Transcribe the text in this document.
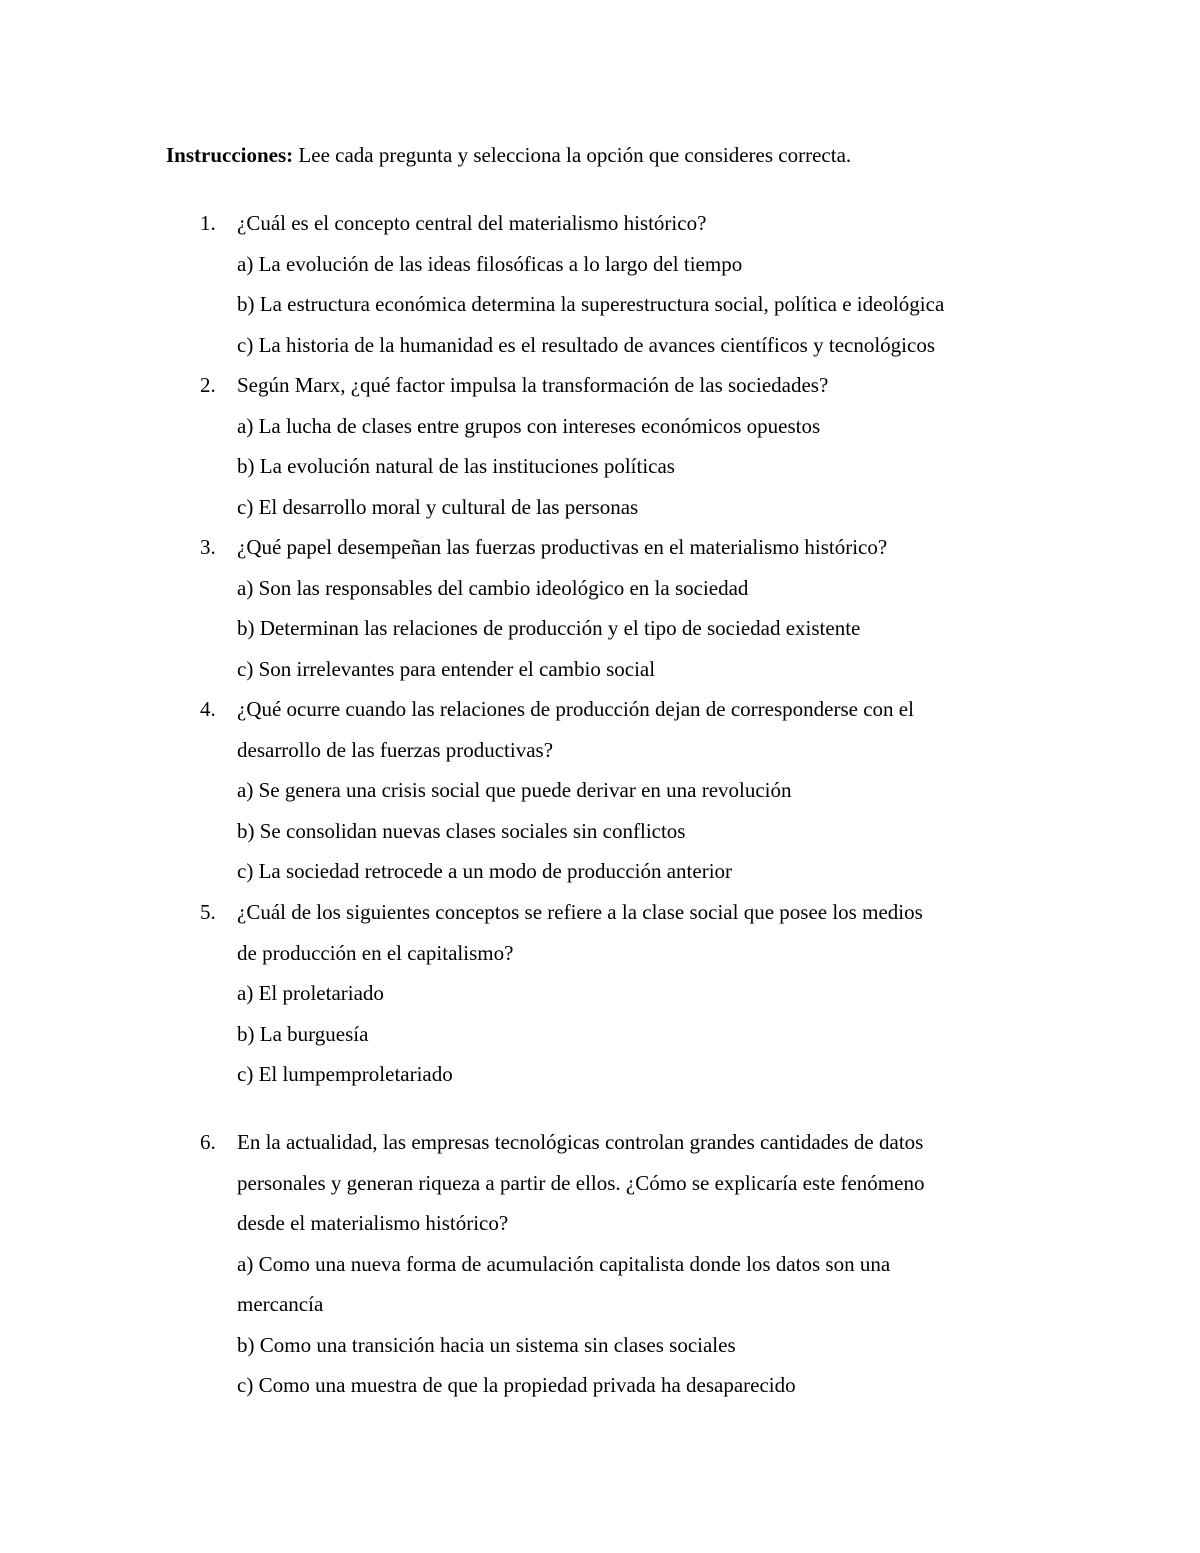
Instrucciones: Lee cada pregunta y selecciona la opción que consideres correcta.
1.	¿Cuál es el concepto central del materialismo histórico?
a) La evolución de las ideas filosóficas a lo largo del tiempo
b) La estructura económica determina la superestructura social, política e ideológica
c) La historia de la humanidad es el resultado de avances científicos y tecnológicos
2.	Según Marx, ¿qué factor impulsa la transformación de las sociedades?
a) La lucha de clases entre grupos con intereses económicos opuestos
b) La evolución natural de las instituciones políticas
c) El desarrollo moral y cultural de las personas
3.	¿Qué papel desempeñan las fuerzas productivas en el materialismo histórico?
a) Son las responsables del cambio ideológico en la sociedad
b) Determinan las relaciones de producción y el tipo de sociedad existente
c) Son irrelevantes para entender el cambio social
4.	¿Qué ocurre cuando las relaciones de producción dejan de corresponderse con el
desarrollo de las fuerzas productivas?
a) Se genera una crisis social que puede derivar en una revolución
b) Se consolidan nuevas clases sociales sin conflictos
c) La sociedad retrocede a un modo de producción anterior
5.	¿Cuál de los siguientes conceptos se refiere a la clase social que posee los medios
de producción en el capitalismo?
a) El proletariado
b) La burguesía
c) El lumpemproletariado
6.	En la actualidad, las empresas tecnológicas controlan grandes cantidades de datos
personales y generan riqueza a partir de ellos. ¿Cómo se explicaría este fenómeno
desde el materialismo histórico?
a) Como una nueva forma de acumulación capitalista donde los datos son una
mercancía
b) Como una transición hacia un sistema sin clases sociales
c) Como una muestra de que la propiedad privada ha desaparecido
